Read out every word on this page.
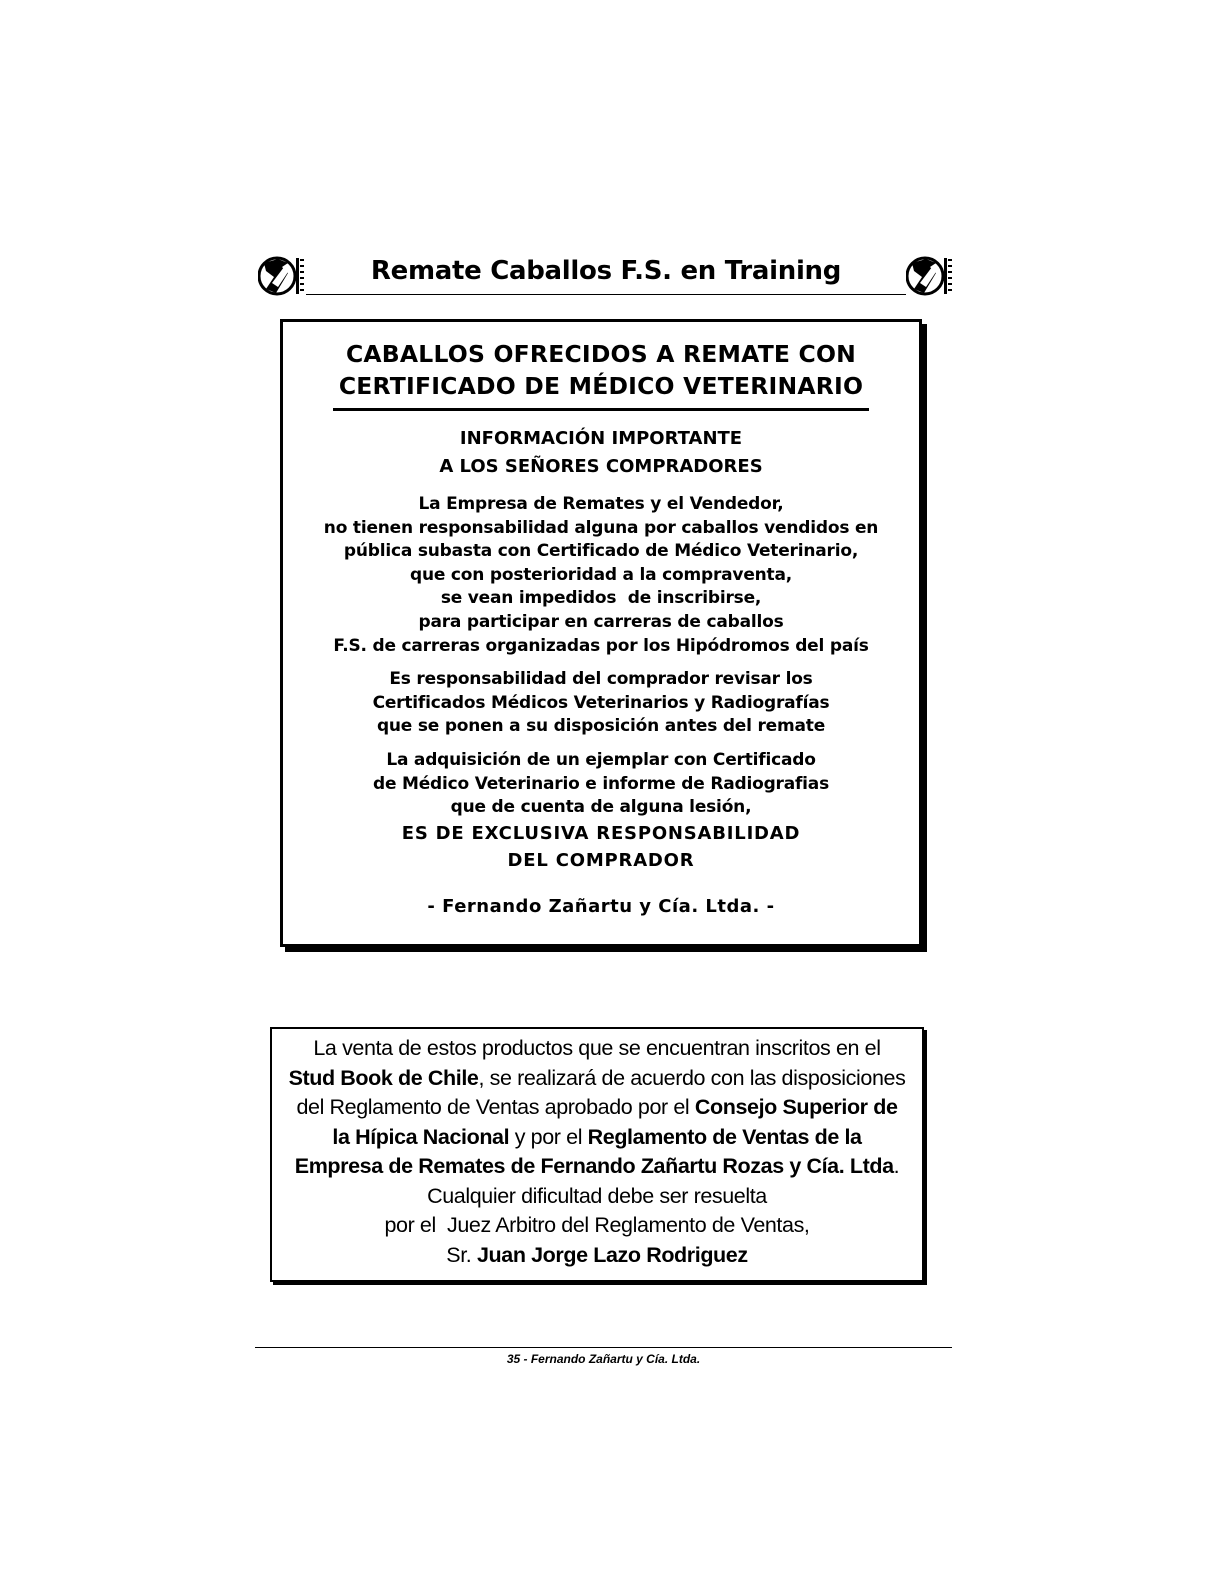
Remate Caballos F.S. en Training
CABALLOS OFRECIDOS A REMATE CON
CERTIFICADO DE MÉDICO VETERINARIO
INFORMACIÓN IMPORTANTE
A LOS SEÑORES COMPRADORES
La Empresa de Remates y el Vendedor,
no tienen responsabilidad alguna por caballos vendidos en
pública subasta con Certificado de Médico Veterinario,
que con posterioridad a la compraventa,
se vean impedidos  de inscribirse,
para participar en carreras de caballos
F.S. de carreras organizadas por los Hipódromos del país
Es responsabilidad del comprador revisar los
Certificados Médicos Veterinarios y Radiografías
que se ponen a su disposición antes del remate
La adquisición de un ejemplar con Certificado
de Médico Veterinario e informe de Radiografias
que de cuenta de alguna lesión,
ES DE EXCLUSIVA RESPONSABILIDAD
DEL COMPRADOR
- Fernando Zañartu y Cía. Ltda. -
La venta de estos productos que se encuentran inscritos en el
Stud Book de Chile, se realizará de acuerdo con las disposiciones
del Reglamento de Ventas aprobado por el Consejo Superior de
la Hípica Nacional y por el Reglamento de Ventas de la
Empresa de Remates de Fernando Zañartu Rozas y Cía. Ltda.
Cualquier dificultad debe ser resuelta
por el  Juez Arbitro del Reglamento de Ventas,
Sr. Juan Jorge Lazo Rodriguez
35 - Fernando Zañartu y Cía. Ltda.
